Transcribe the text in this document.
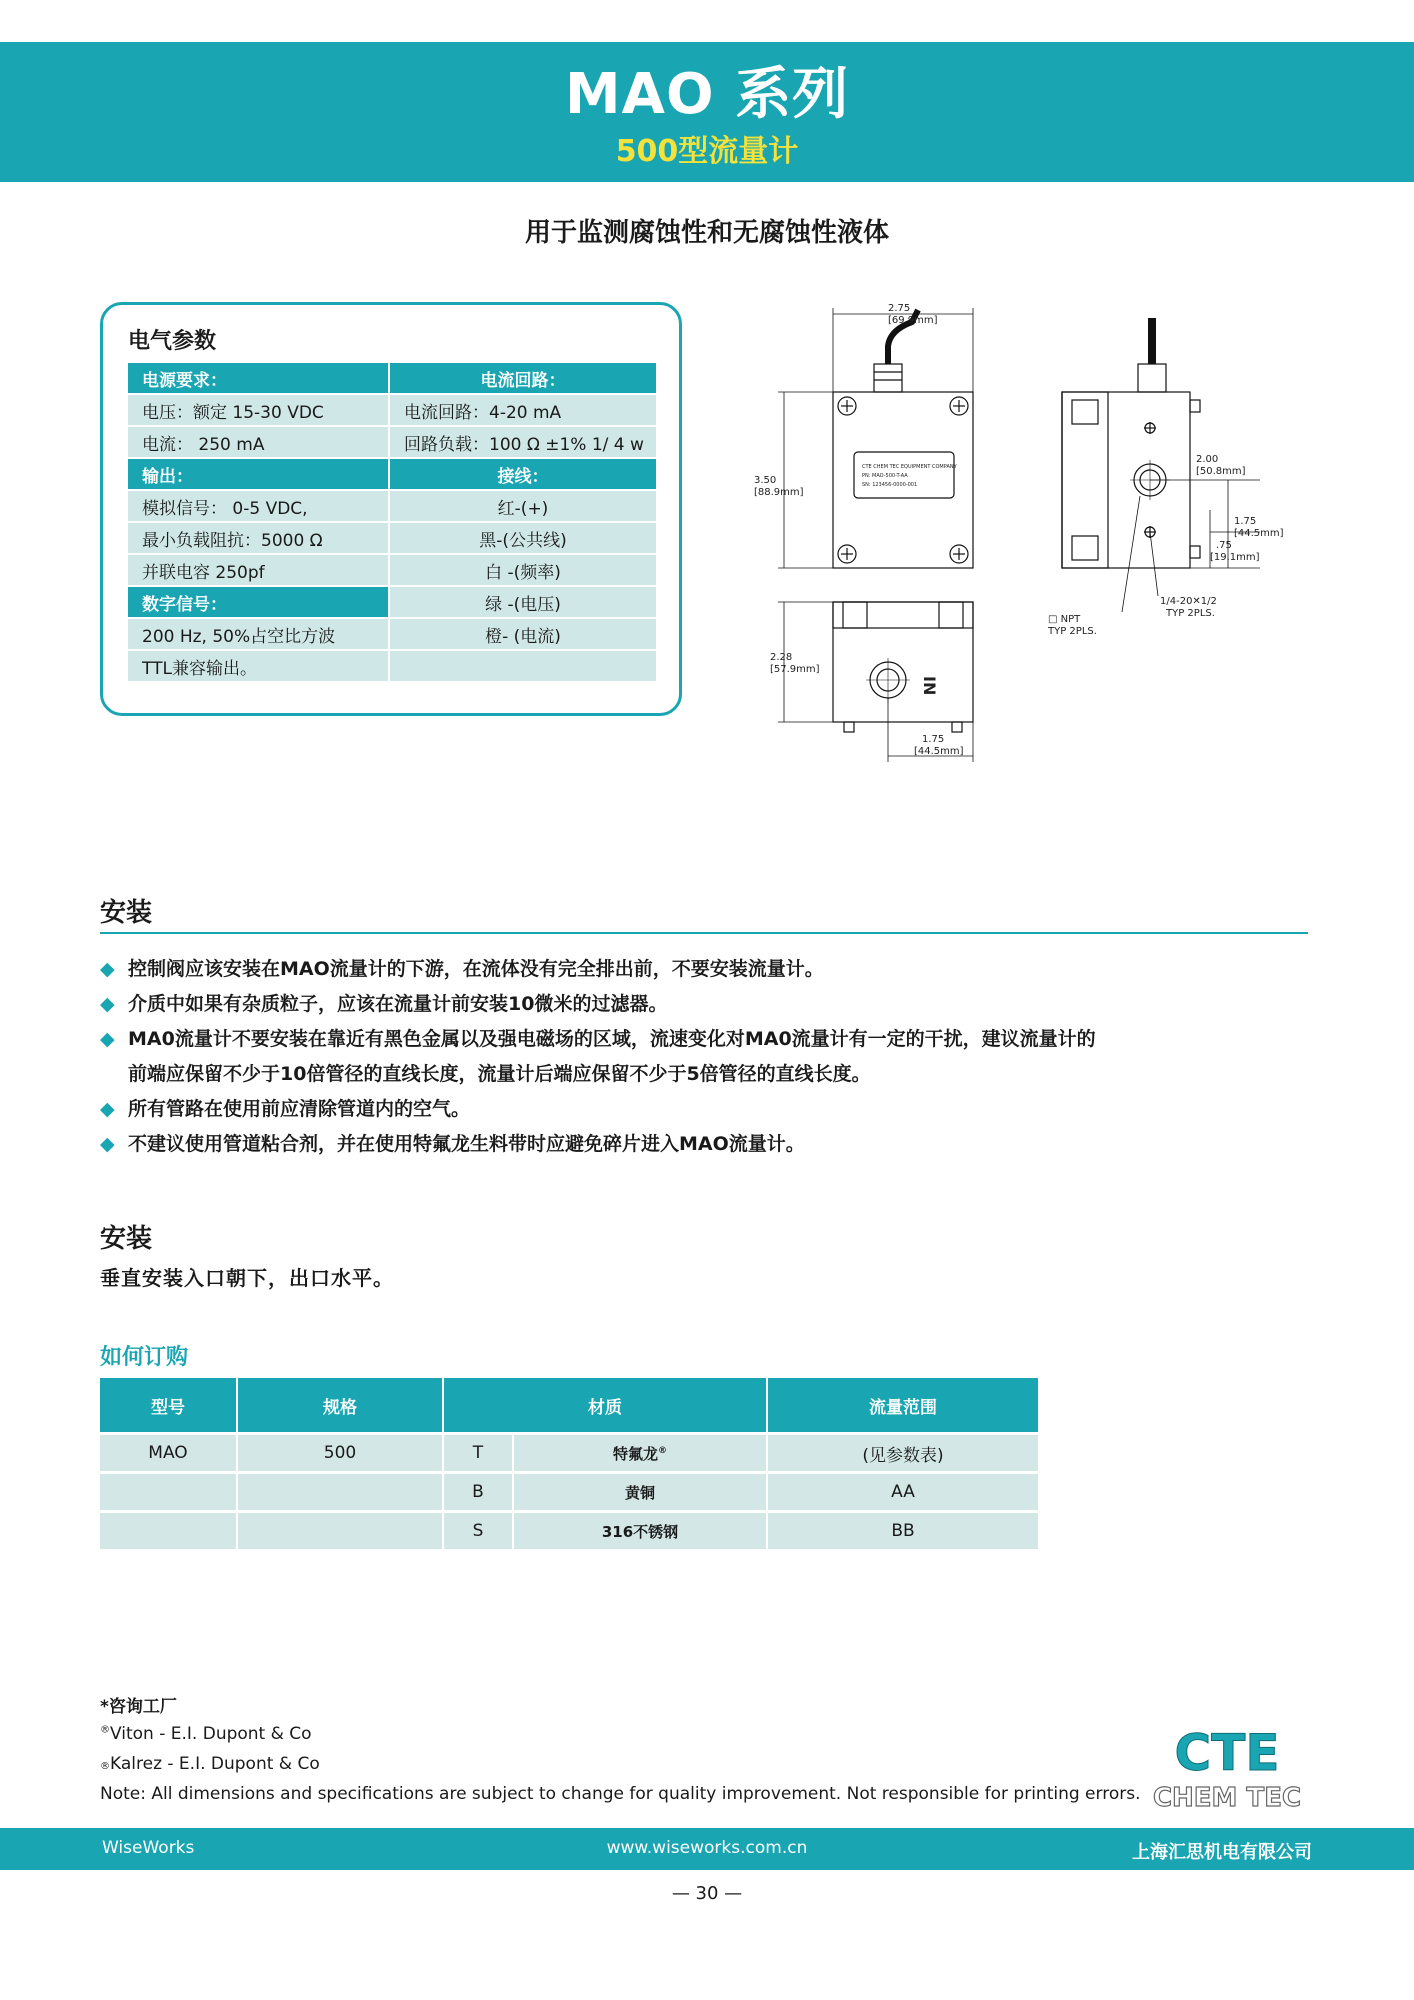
MAO 系列
500型流量计
用于监测腐蚀性和无腐蚀性液体
电气参数
电源要求：	电流回路：
电压：额定 15-30 VDC	电流回路：4-20 mA
电流： 250 mA	回路负载：100 Ω ±1% 1/ 4 w
输出：	接线：
模拟信号： 0-5 VDC,	红-(+)
最小负载阻抗：5000 Ω	黑-(公共线)
并联电容 250pf	白 -(频率)
数字信号：	绿 -(电压)
200 Hz, 50%占空比方波	橙- (电流)
TTL兼容输出。	
2.75
[69.9mm]
3.50
[88.9mm]
CTE CHEM TEC EQUIPMENT COMPANY
PN: MAO-500-T-AA
SN: 123456-0000-001
2.00
[50.8mm]
1.75
[44.5mm]
.75
[19.1mm]
□ NPT
TYP 2PLS.
1/4-20✕1/2
TYP 2PLS.
2.28
[57.9mm]
1.75
[44.5mm]
IN
安装
◆ 控制阀应该安装在MAO流量计的下游，在流体没有完全排出前，不要安装流量计。
◆ 介质中如果有杂质粒子，应该在流量计前安装10微米的过滤器。
◆ MA0流量计不要安装在靠近有黑色金属以及强电磁场的区域，流速变化对MA0流量计有一定的干扰，建议流量计的
前端应保留不少于10倍管径的直线长度，流量计后端应保留不少于5倍管径的直线长度。
◆ 所有管路在使用前应清除管道内的空气。
◆ 不建议使用管道粘合剂，并在使用特氟龙生料带时应避免碎片进入MAO流量计。
安装
垂直安装入口朝下，出口水平。
如何订购
型号	规格	材质		流量范围
MAO	500	T	特氟龙®	(见参数表)
		B	黄铜	AA
		S	316不锈钢	BB
*咨询工厂
®Viton - E.I. Dupont & Co
®Kalrez - E.I. Dupont & Co
Note: All dimensions and specifications are subject to change for quality improvement. Not responsible for printing errors.
CTE
CHEM TEC
WiseWorks	www.wiseworks.com.cn	上海汇思机电有限公司
— 30 —
